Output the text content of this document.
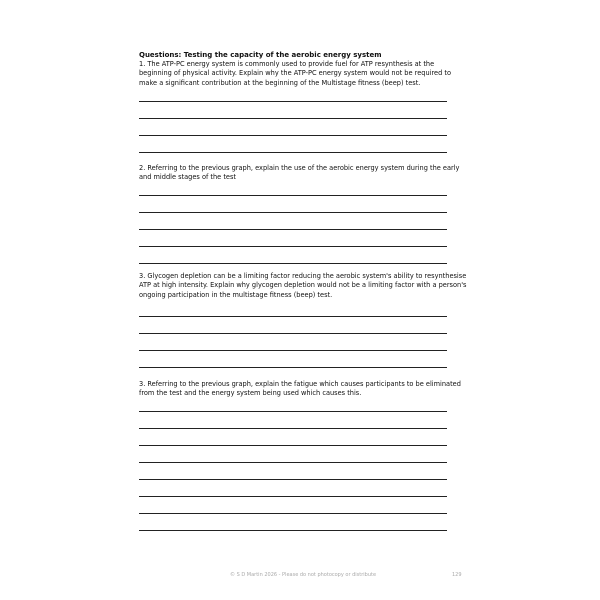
Questions: Testing the capacity of the aerobic energy system
1. The ATP-PC energy system is commonly used to provide fuel for ATP resynthesis at the beginning of physical activity. Explain why the ATP-PC energy system would not be required to make a significant contribution at the beginning of the Multistage fitness (beep) test.
2. Referring to the previous graph, explain the use of the aerobic energy system during the early and middle stages of the test
3. Glycogen depletion can be a limiting factor reducing the aerobic system's ability to resynthesise ATP at high intensity. Explain why glycogen depletion would not be a limiting factor with a person's ongoing participation in the multistage fitness (beep) test.
3. Referring to the previous graph, explain the fatigue which causes participants to be eliminated from the test and the energy system being used which causes this.
© S D Martin 2026 - Please do not photocopy or distribute	129
